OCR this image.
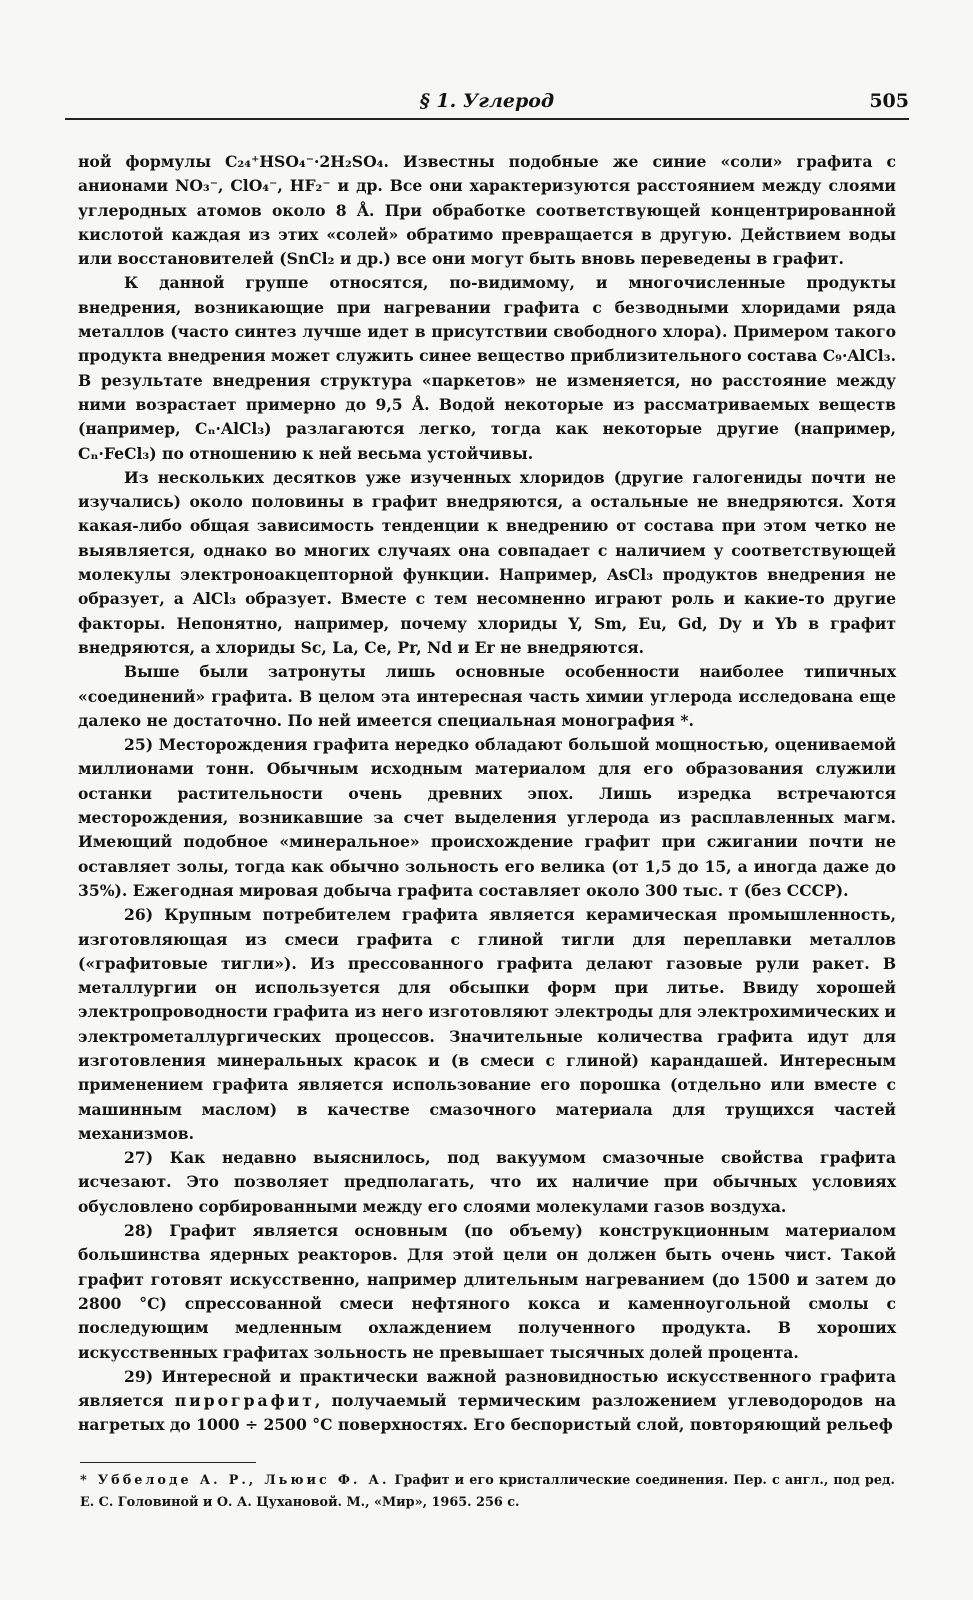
§ 1. Углерод	505

ной формулы C₂₄⁺HSO₄⁻·2H₂SO₄. Известны подобные же синие «соли» графита с анионами NO₃⁻, ClO₄⁻, HF₂⁻ и др. Все они характеризуются расстоянием между слоями углеродных атомов около 8 Å. При обработке соответствующей концентрированной кислотой каждая из этих «солей» обратимо превращается в другую. Действием воды или восстановителей (SnCl₂ и др.) все они могут быть вновь переведены в графит.

К данной группе относятся, по-видимому, и многочисленные продукты внедрения, возникающие при нагревании графита с безводными хлоридами ряда металлов (часто синтез лучше идет в присутствии свободного хлора). Примером такого продукта внедрения может служить синее вещество приблизительного состава C₉·AlCl₃. В результате внедрения структура «паркетов» не изменяется, но расстояние между ними возрастает примерно до 9,5 Å. Водой некоторые из рассматриваемых веществ (например, Cₙ·AlCl₃) разлагаются легко, тогда как некоторые другие (например, Cₙ·FeCl₃) по отношению к ней весьма устойчивы.

Из нескольких десятков уже изученных хлоридов (другие галогениды почти не изучались) около половины в графит внедряются, а остальные не внедряются. Хотя какая-либо общая зависимость тенденции к внедрению от состава при этом четко не выявляется, однако во многих случаях она совпадает с наличием у соответствующей молекулы электроноакцепторной функции. Например, AsCl₃ продуктов внедрения не образует, а AlCl₃ образует. Вместе с тем несомненно играют роль и какие-то другие факторы. Непонятно, например, почему хлориды Y, Sm, Eu, Gd, Dy и Yb в графит внедряются, а хлориды Sc, La, Ce, Pr, Nd и Er не внедряются.

Выше были затронуты лишь основные особенности наиболее типичных «соединений» графита. В целом эта интересная часть химии углерода исследована еще далеко не достаточно. По ней имеется специальная монография *.

25) Месторождения графита нередко обладают большой мощностью, оцениваемой миллионами тонн. Обычным исходным материалом для его образования служили останки растительности очень древних эпох. Лишь изредка встречаются месторождения, возникавшие за счет выделения углерода из расплавленных магм. Имеющий подобное «минеральное» происхождение графит при сжигании почти не оставляет золы, тогда как обычно зольность его велика (от 1,5 до 15, а иногда даже до 35%). Ежегодная мировая добыча графита составляет около 300 тыс. т (без СССР).

26) Крупным потребителем графита является керамическая промышленность, изготовляющая из смеси графита с глиной тигли для переплавки металлов («графитовые тигли»). Из прессованного графита делают газовые рули ракет. В металлургии он используется для обсыпки форм при литье. Ввиду хорошей электропроводности графита из него изготовляют электроды для электрохимических и электрометаллургических процессов. Значительные количества графита идут для изготовления минеральных красок и (в смеси с глиной) карандашей. Интересным применением графита является использование его порошка (отдельно или вместе с машинным маслом) в качестве смазочного материала для трущихся частей механизмов.

27) Как недавно выяснилось, под вакуумом смазочные свойства графита исчезают. Это позволяет предполагать, что их наличие при обычных условиях обусловлено сорбированными между его слоями молекулами газов воздуха.

28) Графит является основным (по объему) конструкционным материалом большинства ядерных реакторов. Для этой цели он должен быть очень чист. Такой графит готовят искусственно, например длительным нагреванием (до 1500 и затем до 2800 °С) спрессованной смеси нефтяного кокса и каменноугольной смолы с последующим медленным охлаждением полученного продукта. В хороших искусственных графитах зольность не превышает тысячных долей процента.

29) Интересной и практически важной разновидностью искусственного графита является пирографит, получаемый термическим разложением углеводородов на нагретых до 1000 ÷ 2500 °С поверхностях. Его беспористый слой, повторяющий рельеф

* Уббелоде А. Р., Льюис Ф. А. Графит и его кристаллические соединения. Пер. с англ., под ред. Е. С. Головиной и О. А. Цухановой. М., «Мир», 1965. 256 с.
